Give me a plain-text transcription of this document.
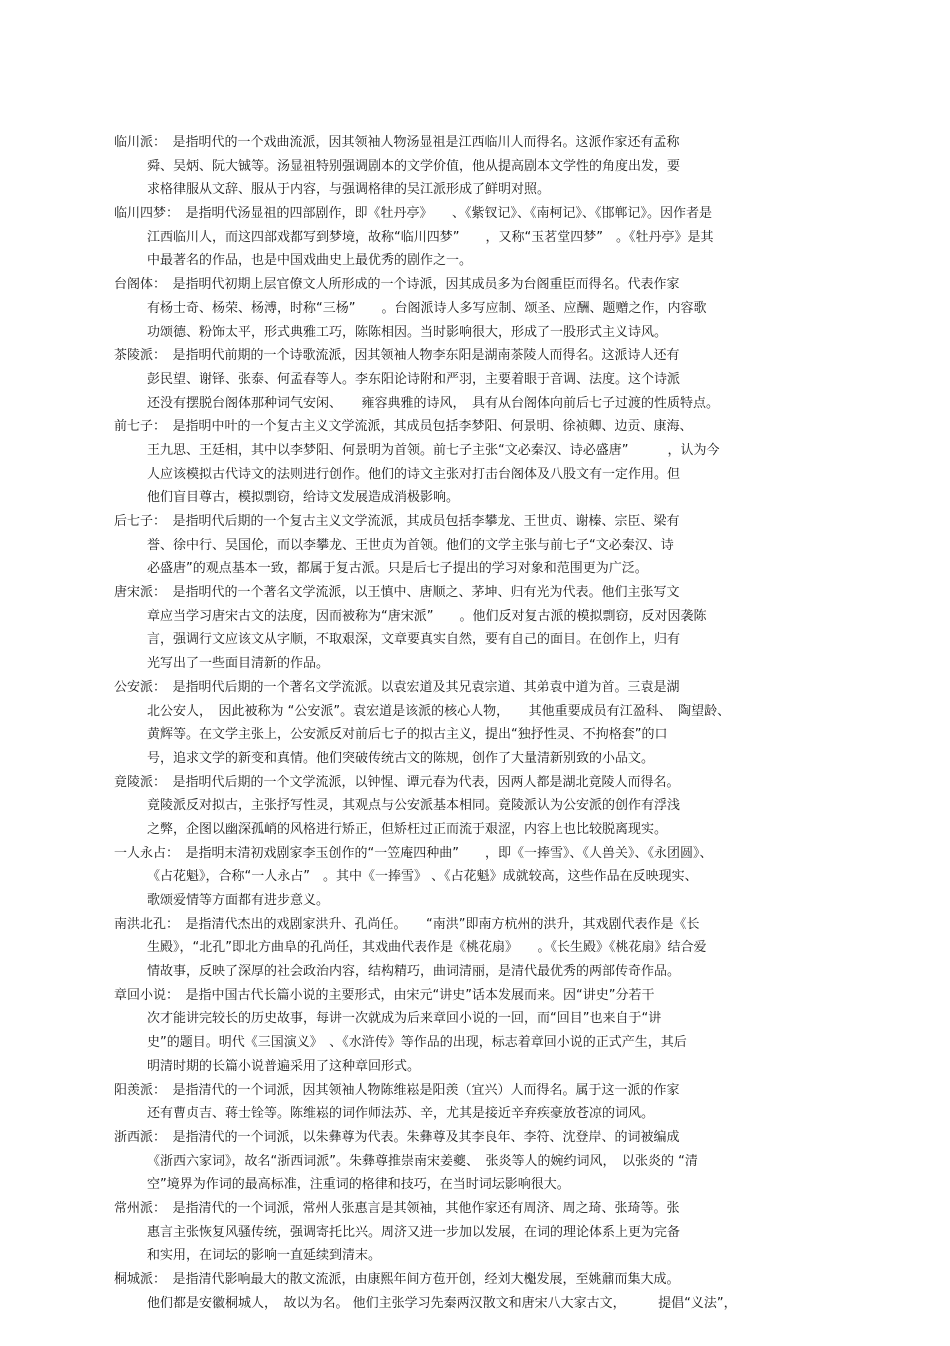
临川派：　是指明代的一个戏曲流派，因其领袖人物汤显祖是江西临川人而得名。这派作家还有孟称
舜、吴炳、阮大铖等。汤显祖特别强调剧本的文学价值，他从提高剧本文学性的角度出发，要
求格律服从文辞、服从于内容，与强调格律的吴江派形成了鲜明对照。
临川四梦：　是指明代汤显祖的四部剧作，即《牡丹亭》　　、《紫钗记》、《南柯记》、《邯郸记》。因作者是
江西临川人，而这四部戏都写到梦境，故称“临川四梦”　　，又称“玉茗堂四梦”　。《牡丹亭》是其
中最著名的作品，也是中国戏曲史上最优秀的剧作之一。
台阁体：　是指明代初期上层官僚文人所形成的一个诗派，因其成员多为台阁重臣而得名。代表作家
有杨士奇、杨荣、杨溥，时称“三杨”　　。台阁派诗人多写应制、颂圣、应酬、题赠之作，内容歌
功颂德、粉饰太平，形式典雅工巧，陈陈相因。当时影响很大，形成了一股形式主义诗风。
茶陵派：　是指明代前期的一个诗歌流派，因其领袖人物李东阳是湖南茶陵人而得名。这派诗人还有
彭民望、谢铎、张泰、何孟春等人。李东阳论诗附和严羽，主要着眼于音调、法度。这个诗派
还没有摆脱台阁体那种词气安闲、　　雍容典雅的诗风，　具有从台阁体向前后七子过渡的性质特点。
前七子：　是指明中叶的一个复古主义文学流派，其成员包括李梦阳、何景明、徐祯卿、边贡、康海、
王九思、王廷相，其中以李梦阳、何景明为首领。前七子主张“文必秦汉、诗必盛唐”　　　，认为今
人应该模拟古代诗文的法则进行创作。他们的诗文主张对打击台阁体及八股文有一定作用。但
他们盲目尊古，模拟剽窃，给诗文发展造成消极影响。
后七子：　是指明代后期的一个复古主义文学流派，其成员包括李攀龙、王世贞、谢榛、宗臣、梁有
誉、徐中行、吴国伦，而以李攀龙、王世贞为首领。他们的文学主张与前七子“文必秦汉、诗
必盛唐”的观点基本一致，都属于复古派。只是后七子提出的学习对象和范围更为广泛。
唐宋派：　是指明代的一个著名文学流派，以王慎中、唐顺之、茅坤、归有光为代表。他们主张写文
章应当学习唐宋古文的法度，因而被称为“唐宋派”　　。他们反对复古派的模拟剽窃，反对因袭陈
言，强调行文应该文从字顺，不取艰深，文章要真实自然，要有自己的面目。在创作上，归有
光写出了一些面目清新的作品。
公安派：　是指明代后期的一个著名文学流派。以袁宏道及其兄袁宗道、其弟袁中道为首。三袁是湖
北公安人，　因此被称为 “公安派”。袁宏道是该派的核心人物，　　其他重要成员有江盈科、　陶望龄、
黄辉等。在文学主张上，公安派反对前后七子的拟古主义，提出“独抒性灵、不拘格套”的口
号，追求文学的新变和真情。他们突破传统古文的陈规，创作了大量清新别致的小品文。
竟陵派：　是指明代后期的一个文学流派，以钟惺、谭元春为代表，因两人都是湖北竟陵人而得名。
竟陵派反对拟古，主张抒写性灵，其观点与公安派基本相同。竟陵派认为公安派的创作有浮浅
之弊，企图以幽深孤峭的风格进行矫正，但矫枉过正而流于艰涩，内容上也比较脱离现实。
一人永占：　是指明末清初戏剧家李玉创作的“一笠庵四种曲”　　，即《一捧雪》、《人兽关》、《永团圆》、
《占花魁》，合称“一人永占”　。其中《一捧雪》 、《占花魁》成就较高，这些作品在反映现实、
歌颂爱情等方面都有进步意义。
南洪北孔：　是指清代杰出的戏剧家洪升、孔尚任。　　“南洪”即南方杭州的洪升，其戏剧代表作是《长
生殿》，“北孔”即北方曲阜的孔尚任，其戏曲代表作是《桃花扇》　　。《长生殿》《桃花扇》结合爱
情故事，反映了深厚的社会政治内容，结构精巧，曲词清丽，是清代最优秀的两部传奇作品。
章回小说：　是指中国古代长篇小说的主要形式，由宋元“讲史”话本发展而来。因“讲史”分若干
次才能讲完较长的历史故事，每讲一次就成为后来章回小说的一回，而“回目”也来自于“讲
史”的题目。明代《三国演义》　、《水浒传》等作品的出现，标志着章回小说的正式产生，其后
明清时期的长篇小说普遍采用了这种章回形式。
阳羡派：　是指清代的一个词派，因其领袖人物陈维崧是阳羡（宜兴）人而得名。属于这一派的作家
还有曹贞吉、蒋士铨等。陈维崧的词作师法苏、辛，尤其是接近辛弃疾豪放苍凉的词风。
浙西派：　是指清代的一个词派，以朱彝尊为代表。朱彝尊及其李良年、李符、沈登岸、的词被编成
《浙西六家词》，故名“浙西词派”。朱彝尊推崇南宋姜夔、　张炎等人的婉约词风，　以张炎的 “清
空”境界为作词的最高标准，注重词的格律和技巧，在当时词坛影响很大。
常州派：　是指清代的一个词派，常州人张惠言是其领袖，其他作家还有周济、周之琦、张琦等。张
惠言主张恢复风骚传统，强调寄托比兴。周济又进一步加以发展，在词的理论体系上更为完备
和实用，在词坛的影响一直延续到清末。
桐城派：　是指清代影响最大的散文流派，由康熙年间方苞开创，经刘大櫆发展，至姚鼐而集大成。
他们都是安徽桐城人，　故以为名。 他们主张学习先秦两汉散文和唐宋八大家古文，　　　提倡“义法”，
